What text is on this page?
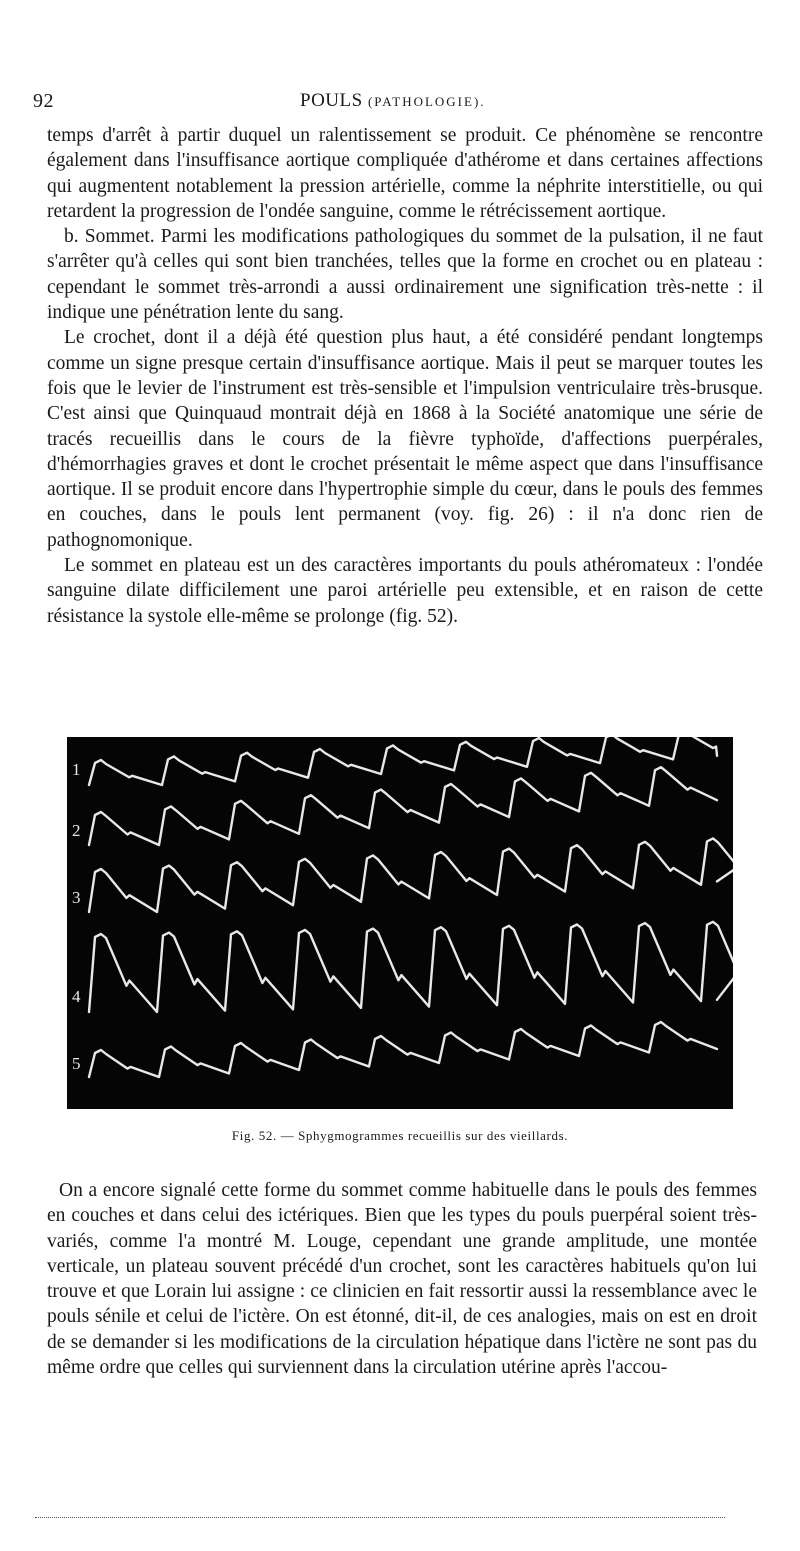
92	POULS (PATHOLOGIE).

temps d'arrêt à partir duquel un ralentissement se produit. Ce phénomène se rencontre également dans l'insuffisance aortique compliquée d'athérome et dans certaines affections qui augmentent notablement la pression artérielle, comme la néphrite interstitielle, ou qui retardent la progression de l'ondée sanguine, comme le rétrécissement aortique.

b. Sommet. Parmi les modifications pathologiques du sommet de la pulsation, il ne faut s'arrêter qu'à celles qui sont bien tranchées, telles que la forme en crochet ou en plateau : cependant le sommet très-arrondi a aussi ordinairement une signification très-nette : il indique une pénétration lente du sang.

Le crochet, dont il a déjà été question plus haut, a été considéré pendant longtemps comme un signe presque certain d'insuffisance aortique. Mais il peut se marquer toutes les fois que le levier de l'instrument est très-sensible et l'impulsion ventriculaire très-brusque. C'est ainsi que Quinquaud montrait déjà en 1868 à la Société anatomique une série de tracés recueillis dans le cours de la fièvre typhoïde, d'affections puerpérales, d'hémorrhagies graves et dont le crochet présentait le même aspect que dans l'insuffisance aortique. Il se produit encore dans l'hypertrophie simple du cœur, dans le pouls des femmes en couches, dans le pouls lent permanent (voy. fig. 26) : il n'a donc rien de pathognomonique.

Le sommet en plateau est un des caractères importants du pouls athéromateux : l'ondée sanguine dilate difficilement une paroi artérielle peu extensible, et en raison de cette résistance la systole elle-même se prolonge (fig. 52).

1
2
3
4
5
Fig. 52. — Sphygmogrammes recueillis sur des vieillards.

On a encore signalé cette forme du sommet comme habituelle dans le pouls des femmes en couches et dans celui des ictériques. Bien que les types du pouls puerpéral soient très-variés, comme l'a montré M. Louge, cependant une grande amplitude, une montée verticale, un plateau souvent précédé d'un crochet, sont les caractères habituels qu'on lui trouve et que Lorain lui assigne : ce clinicien en fait ressortir aussi la ressemblance avec le pouls sénile et celui de l'ictère. On est étonné, dit-il, de ces analogies, mais on est en droit de se demander si les modifications de la circulation hépatique dans l'ictère ne sont pas du même ordre que celles qui surviennent dans la circulation utérine après l'accou-
